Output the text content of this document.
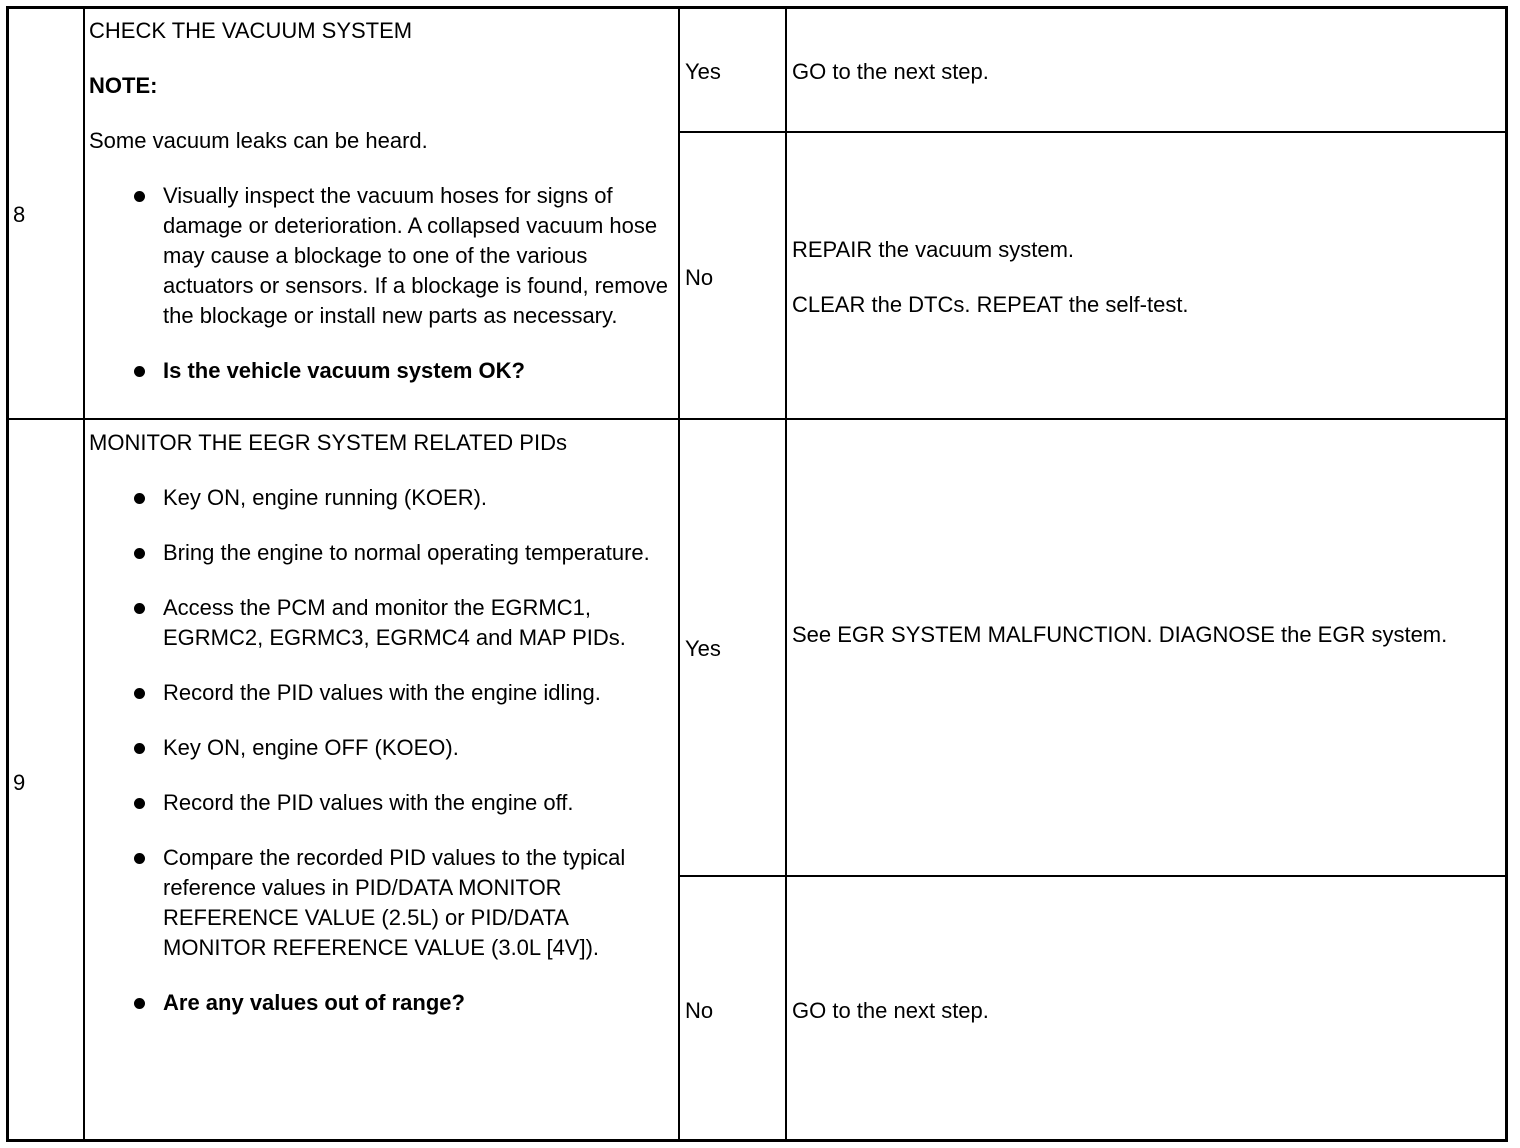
8

CHECK THE VACUUM SYSTEM

NOTE:

Some vacuum leaks can be heard.

Visually inspect the vacuum hoses for signs of damage or deterioration. A collapsed vacuum hose may cause a blockage to one of the various actuators or sensors. If a blockage is found, remove the blockage or install new parts as necessary.
Is the vehicle vacuum system OK?
Yes	GO to the next step.
No

REPAIR the vacuum system.

CLEAR the DTCs. REPEAT the self-test.

9

MONITOR THE EEGR SYSTEM RELATED PIDs

Key ON, engine running (KOER).
Bring the engine to normal operating temperature.
Access the PCM and monitor the EGRMC1, EGRMC2, EGRMC3, EGRMC4 and MAP PIDs.
Record the PID values with the engine idling.
Key ON, engine OFF (KOEO).
Record the PID values with the engine off.
Compare the recorded PID values to the typical reference values in PID/DATA MONITOR REFERENCE VALUE (2.5L) or PID/DATA MONITOR REFERENCE VALUE (3.0L [4V]).
Are any values out of range?
Yes
See EGR SYSTEM MALFUNCTION. DIAGNOSE the EGR system.
No	GO to the next step.
